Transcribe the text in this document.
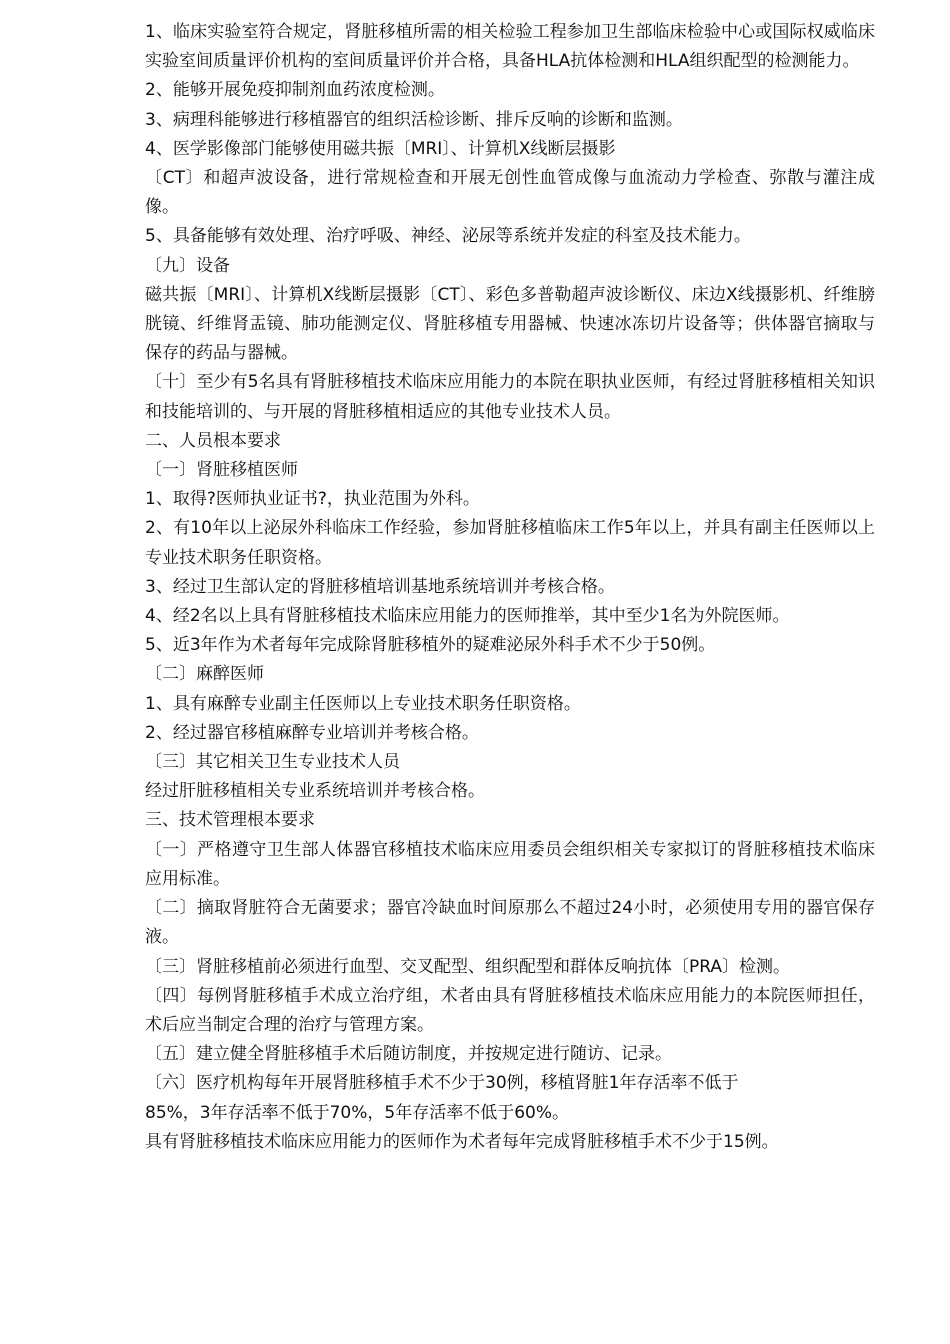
1、临床实验室符合规定，肾脏移植所需的相关检验工程参加卫生部临床检验中心或国际权威临床实验室间质量评价机构的室间质量评价并合格，具备HLA抗体检测和HLA组织配型的检测能力。

2、能够开展免疫抑制剂血药浓度检测。

3、病理科能够进行移植器官的组织活检诊断、排斥反响的诊断和监测。

4、医学影像部门能够使用磁共振〔MRI〕、计算机X线断层摄影

〔CT〕和超声波设备，进行常规检查和开展无创性血管成像与血流动力学检查、弥散与灌注成像。

5、具备能够有效处理、治疗呼吸、神经、泌尿等系统并发症的科室及技术能力。

〔九〕设备

磁共振〔MRI〕、计算机X线断层摄影〔CT〕、彩色多普勒超声波诊断仪、床边X线摄影机、纤维膀胱镜、纤维肾盂镜、肺功能测定仪、肾脏移植专用器械、快速冰冻切片设备等；供体器官摘取与保存的药品与器械。

〔十〕至少有5名具有肾脏移植技术临床应用能力的本院在职执业医师，有经过肾脏移植相关知识和技能培训的、与开展的肾脏移植相适应的其他专业技术人员。

二、人员根本要求

〔一〕肾脏移植医师

1、取得?医师执业证书?，执业范围为外科。

2、有10年以上泌尿外科临床工作经验，参加肾脏移植临床工作5年以上，并具有副主任医师以上专业技术职务任职资格。

3、经过卫生部认定的肾脏移植培训基地系统培训并考核合格。

4、经2名以上具有肾脏移植技术临床应用能力的医师推举，其中至少1名为外院医师。

5、近3年作为术者每年完成除肾脏移植外的疑难泌尿外科手术不少于50例。

〔二〕麻醉医师

1、具有麻醉专业副主任医师以上专业技术职务任职资格。

2、经过器官移植麻醉专业培训并考核合格。

〔三〕其它相关卫生专业技术人员

经过肝脏移植相关专业系统培训并考核合格。

三、技术管理根本要求

〔一〕严格遵守卫生部人体器官移植技术临床应用委员会组织相关专家拟订的肾脏移植技术临床应用标准。

〔二〕摘取肾脏符合无菌要求；器官冷缺血时间原那么不超过24小时，必须使用专用的器官保存液。

〔三〕肾脏移植前必须进行血型、交叉配型、组织配型和群体反响抗体〔PRA〕检测。

〔四〕每例肾脏移植手术成立治疗组，术者由具有肾脏移植技术临床应用能力的本院医师担任，术后应当制定合理的治疗与管理方案。

〔五〕建立健全肾脏移植手术后随访制度，并按规定进行随访、记录。

〔六〕医疗机构每年开展肾脏移植手术不少于30例，移植肾脏1年存活率不低于

85%，3年存活率不低于70%，5年存活率不低于60%。

具有肾脏移植技术临床应用能力的医师作为术者每年完成肾脏移植手术不少于15例。
